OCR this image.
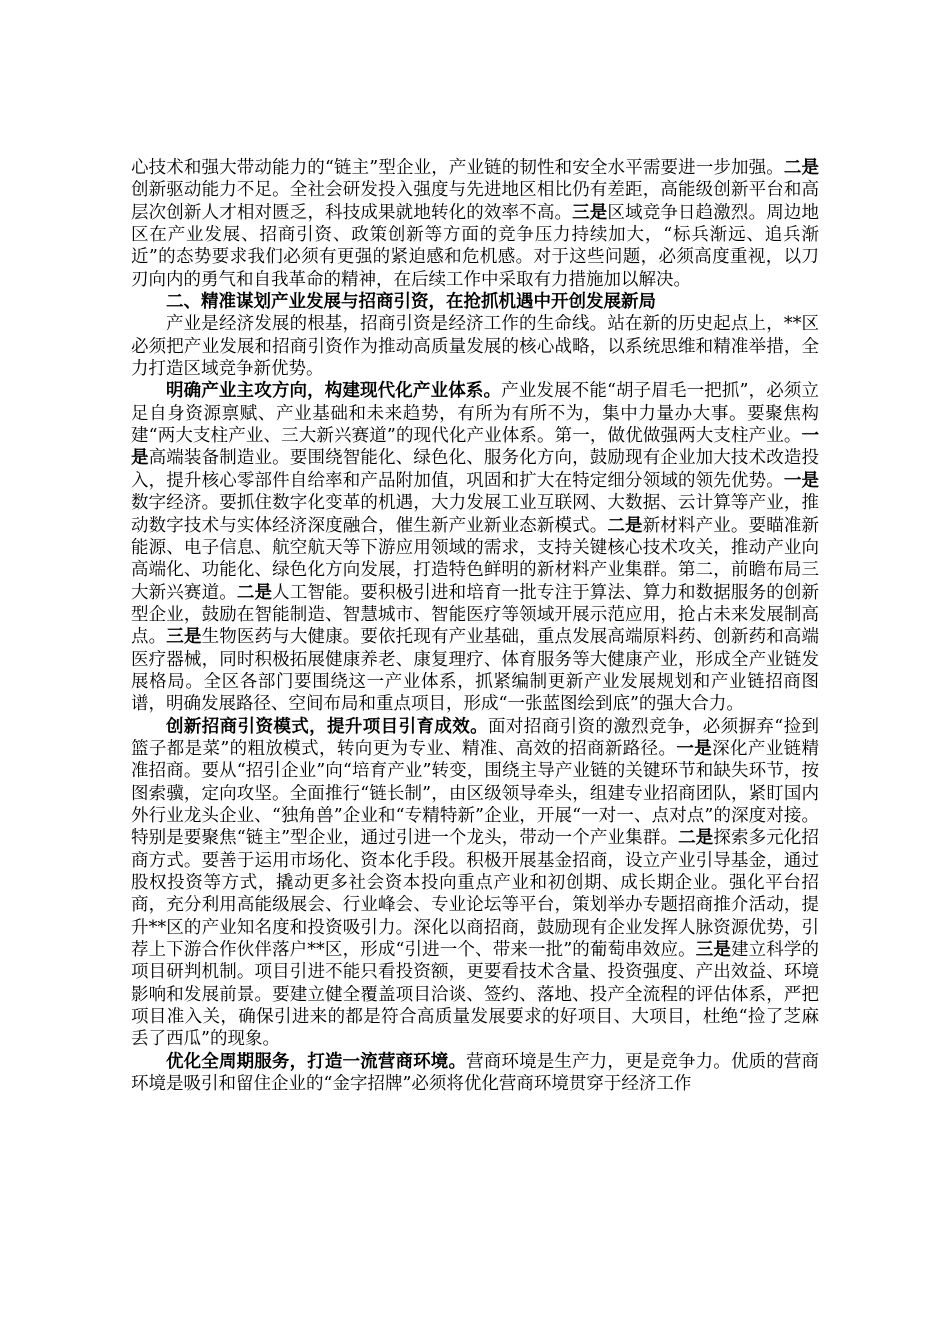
心技术和强大带动能力的“链主”型企业，产业链的韧性和安全水平需要进一步加强。二是创新驱动能力不足。全社会研发投入强度与先进地区相比仍有差距，高能级创新平台和高层次创新人才相对匮乏，科技成果就地转化的效率不高。三是区域竞争日趋激烈。周边地区在产业发展、招商引资、政策创新等方面的竞争压力持续加大，“标兵渐远、追兵渐近”的态势要求我们必须有更强的紧迫感和危机感。对于这些问题，必须高度重视，以刀刃向内的勇气和自我革命的精神，在后续工作中采取有力措施加以解决。

二、精准谋划产业发展与招商引资，在抢抓机遇中开创发展新局

产业是经济发展的根基，招商引资是经济工作的生命线。站在新的历史起点上，**区必须把产业发展和招商引资作为推动高质量发展的核心战略，以系统思维和精准举措，全力打造区域竞争新优势。

明确产业主攻方向，构建现代化产业体系。产业发展不能“胡子眉毛一把抓”，必须立足自身资源禀赋、产业基础和未来趋势，有所为有所不为，集中力量办大事。要聚焦构建“两大支柱产业、三大新兴赛道”的现代化产业体系。第一，做优做强两大支柱产业。一是高端装备制造业。要围绕智能化、绿色化、服务化方向，鼓励现有企业加大技术改造投入，提升核心零部件自给率和产品附加值，巩固和扩大在特定细分领域的领先优势。一是数字经济。要抓住数字化变革的机遇，大力发展工业互联网、大数据、云计算等产业，推动数字技术与实体经济深度融合，催生新产业新业态新模式。二是新材料产业。要瞄准新能源、电子信息、航空航天等下游应用领域的需求，支持关键核心技术攻关，推动产业向高端化、功能化、绿色化方向发展，打造特色鲜明的新材料产业集群。第二，前瞻布局三大新兴赛道。二是人工智能。要积极引进和培育一批专注于算法、算力和数据服务的创新型企业，鼓励在智能制造、智慧城市、智能医疗等领域开展示范应用，抢占未来发展制高点。三是生物医药与大健康。要依托现有产业基础，重点发展高端原料药、创新药和高端医疗器械，同时积极拓展健康养老、康复理疗、体育服务等大健康产业，形成全产业链发展格局。全区各部门要围绕这一产业体系，抓紧编制更新产业发展规划和产业链招商图谱，明确发展路径、空间布局和重点项目，形成“一张蓝图绘到底”的强大合力。

创新招商引资模式，提升项目引育成效。面对招商引资的激烈竞争，必须摒弃“捡到篮子都是菜”的粗放模式，转向更为专业、精准、高效的招商新路径。一是深化产业链精准招商。要从“招引企业”向“培育产业”转变，围绕主导产业链的关键环节和缺失环节，按图索骥，定向攻坚。全面推行“链长制”，由区级领导牵头，组建专业招商团队，紧盯国内外行业龙头企业、“独角兽”企业和“专精特新”企业，开展“一对一、点对点”的深度对接。特别是要聚焦“链主”型企业，通过引进一个龙头，带动一个产业集群。二是探索多元化招商方式。要善于运用市场化、资本化手段。积极开展基金招商，设立产业引导基金，通过股权投资等方式，撬动更多社会资本投向重点产业和初创期、成长期企业。强化平台招商，充分利用高能级展会、行业峰会、专业论坛等平台，策划举办专题招商推介活动，提升**区的产业知名度和投资吸引力。深化以商招商，鼓励现有企业发挥人脉资源优势，引荐上下游合作伙伴落户**区，形成“引进一个、带来一批”的葡萄串效应。三是建立科学的项目研判机制。项目引进不能只看投资额，更要看技术含量、投资强度、产出效益、环境影响和发展前景。要建立健全覆盖项目洽谈、签约、落地、投产全流程的评估体系，严把项目准入关，确保引进来的都是符合高质量发展要求的好项目、大项目，杜绝“捡了芝麻丢了西瓜”的现象。

优化全周期服务，打造一流营商环境。营商环境是生产力，更是竞争力。优质的营商环境是吸引和留住企业的“金字招牌”必须将优化营商环境贯穿于经济工作
